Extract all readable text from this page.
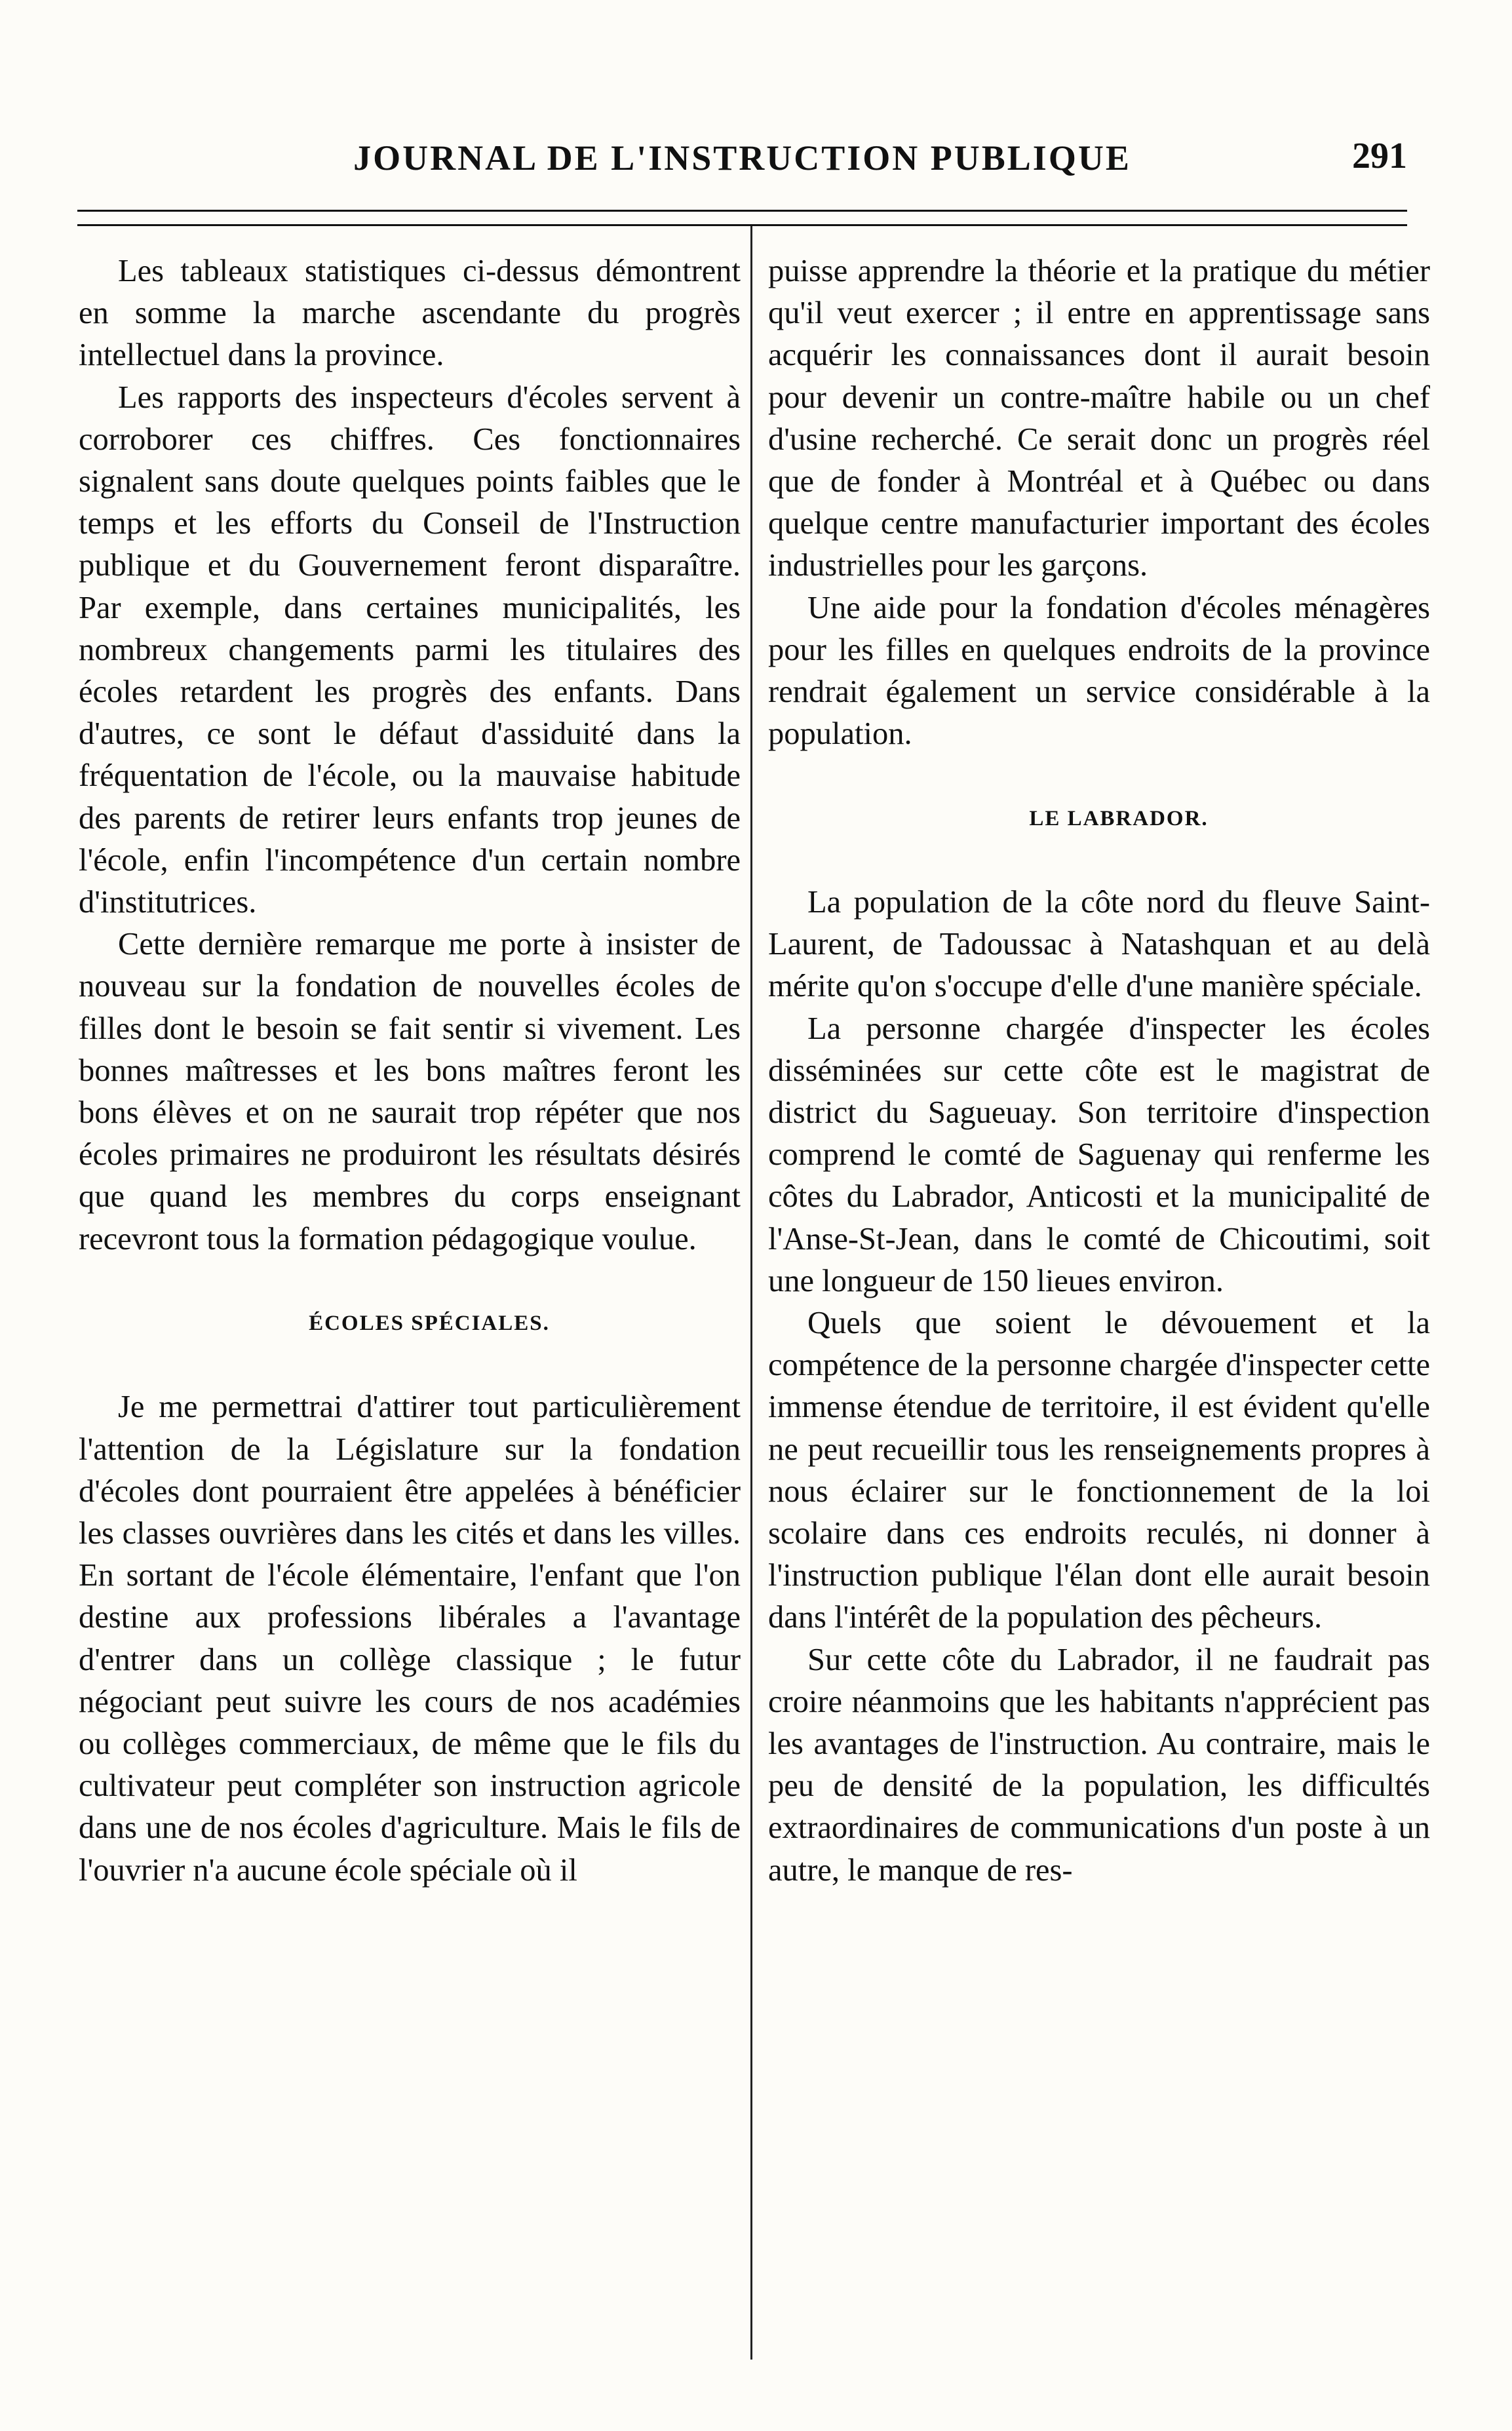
JOURNAL DE L'INSTRUCTION PUBLIQUE	291

Les tableaux statistiques ci-dessus démontrent en somme la marche ascendante du progrès intellectuel dans la province.

Les rapports des inspecteurs d'écoles servent à corroborer ces chiffres. Ces fonctionnaires signalent sans doute quelques points faibles que le temps et les efforts du Conseil de l'Instruction publique et du Gouvernement feront disparaître. Par exemple, dans certaines municipalités, les nombreux changements parmi les titulaires des écoles retardent les progrès des enfants. Dans d'autres, ce sont le défaut d'assiduité dans la fréquentation de l'école, ou la mauvaise habitude des parents de retirer leurs enfants trop jeunes de l'école, enfin l'incompétence d'un certain nombre d'institutrices.

Cette dernière remarque me porte à insister de nouveau sur la fondation de nouvelles écoles de filles dont le besoin se fait sentir si vivement. Les bonnes maîtresses et les bons maîtres feront les bons élèves et on ne saurait trop répéter que nos écoles primaires ne produiront les résultats désirés que quand les membres du corps enseignant recevront tous la formation pédagogique voulue.

ÉCOLES SPÉCIALES.

Je me permettrai d'attirer tout particulièrement l'attention de la Législature sur la fondation d'écoles dont pourraient être appelées à bénéficier les classes ouvrières dans les cités et dans les villes. En sortant de l'école élémentaire, l'enfant que l'on destine aux professions libérales a l'avantage d'entrer dans un collège classique ; le futur négociant peut suivre les cours de nos académies ou collèges commerciaux, de même que le fils du cultivateur peut compléter son instruction agricole dans une de nos écoles d'agriculture. Mais le fils de l'ouvrier n'a aucune école spéciale où il

puisse apprendre la théorie et la pratique du métier qu'il veut exercer ; il entre en apprentissage sans acquérir les connaissances dont il aurait besoin pour devenir un contre-maître habile ou un chef d'usine recherché. Ce serait donc un progrès réel que de fonder à Montréal et à Québec ou dans quelque centre manufacturier important des écoles industrielles pour les garçons.

Une aide pour la fondation d'écoles ménagères pour les filles en quelques endroits de la province rendrait également un service considérable à la population.

LE LABRADOR.

La population de la côte nord du fleuve Saint-Laurent, de Tadoussac à Natashquan et au delà mérite qu'on s'occupe d'elle d'une manière spéciale.

La personne chargée d'inspecter les écoles disséminées sur cette côte est le magistrat de district du Sagueuay. Son territoire d'inspection comprend le comté de Saguenay qui renferme les côtes du Labrador, Anticosti et la municipalité de l'Anse-St-Jean, dans le comté de Chicoutimi, soit une longueur de 150 lieues environ.

Quels que soient le dévouement et la compétence de la personne chargée d'inspecter cette immense étendue de territoire, il est évident qu'elle ne peut recueillir tous les renseignements propres à nous éclairer sur le fonctionnement de la loi scolaire dans ces endroits reculés, ni donner à l'instruction publique l'élan dont elle aurait besoin dans l'intérêt de la population des pêcheurs.

Sur cette côte du Labrador, il ne faudrait pas croire néanmoins que les habitants n'apprécient pas les avantages de l'instruction. Au contraire, mais le peu de densité de la population, les difficultés extraordinaires de communications d'un poste à un autre, le manque de res-
